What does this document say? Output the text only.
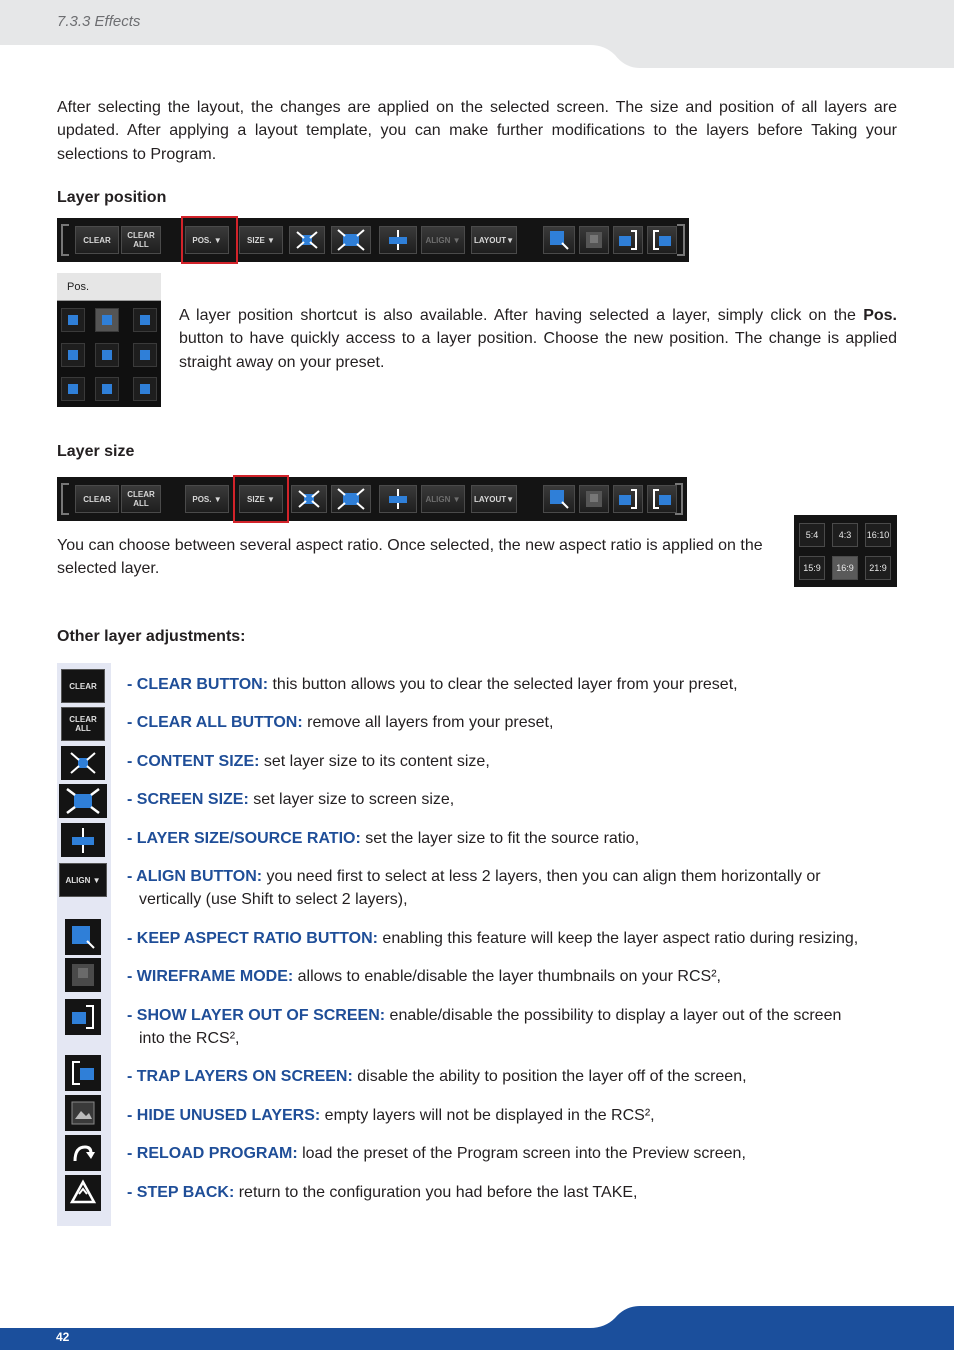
7.3.3 Effects
After selecting the layout, the changes are applied on the selected screen. The size and position of all layers are updated. After applying a layout template, you can make further modifications to the layers before Taking your selections to Program.
Layer position
CLEAR	CLEAR
ALL	POS. ▼	SIZE ▼	ALIGN ▼	LAYOUT▼
Pos.
A layer position shortcut is also available. After having selected a layer, simply click on the Pos. button to have quickly access to a layer position. Choose the new position. The change is applied straight away on your preset.
Layer size
CLEAR	CLEAR
ALL	POS. ▼	SIZE ▼	ALIGN ▼	LAYOUT▼
You can choose between several aspect ratio. Once selected, the new aspect ratio is applied on the selected layer.
5:4	4:3	16:10
15:9	16:9	21:9
Other layer adjustments:
CLEAR
CLEAR
ALL
ALIGN ▼
- CLEAR BUTTON: this button allows you to clear the selected layer from your preset,
- CLEAR ALL BUTTON: remove all layers from your preset,
- CONTENT SIZE: set layer size to its content size,
- SCREEN SIZE: set layer size to screen size,
- LAYER SIZE/SOURCE RATIO: set the layer size to fit the source ratio,
- ALIGN BUTTON: you need first to select at less 2 layers, then you can align them horizontally or
vertically (use Shift to select 2 layers),
- KEEP ASPECT RATIO BUTTON: enabling this feature will keep the layer aspect ratio during resizing,
- WIREFRAME MODE: allows to enable/disable the layer thumbnails on your RCS²,
- SHOW LAYER OUT OF SCREEN: enable/disable the possibility to display a layer out of the screen
into the RCS²,
- TRAP LAYERS ON SCREEN: disable the ability to position the layer off of the screen,
- HIDE UNUSED LAYERS: empty layers will not be displayed in the RCS²,
- RELOAD PROGRAM: load the preset of the Program screen into the Preview screen,
- STEP BACK: return to the configuration you had before the last TAKE,
42
